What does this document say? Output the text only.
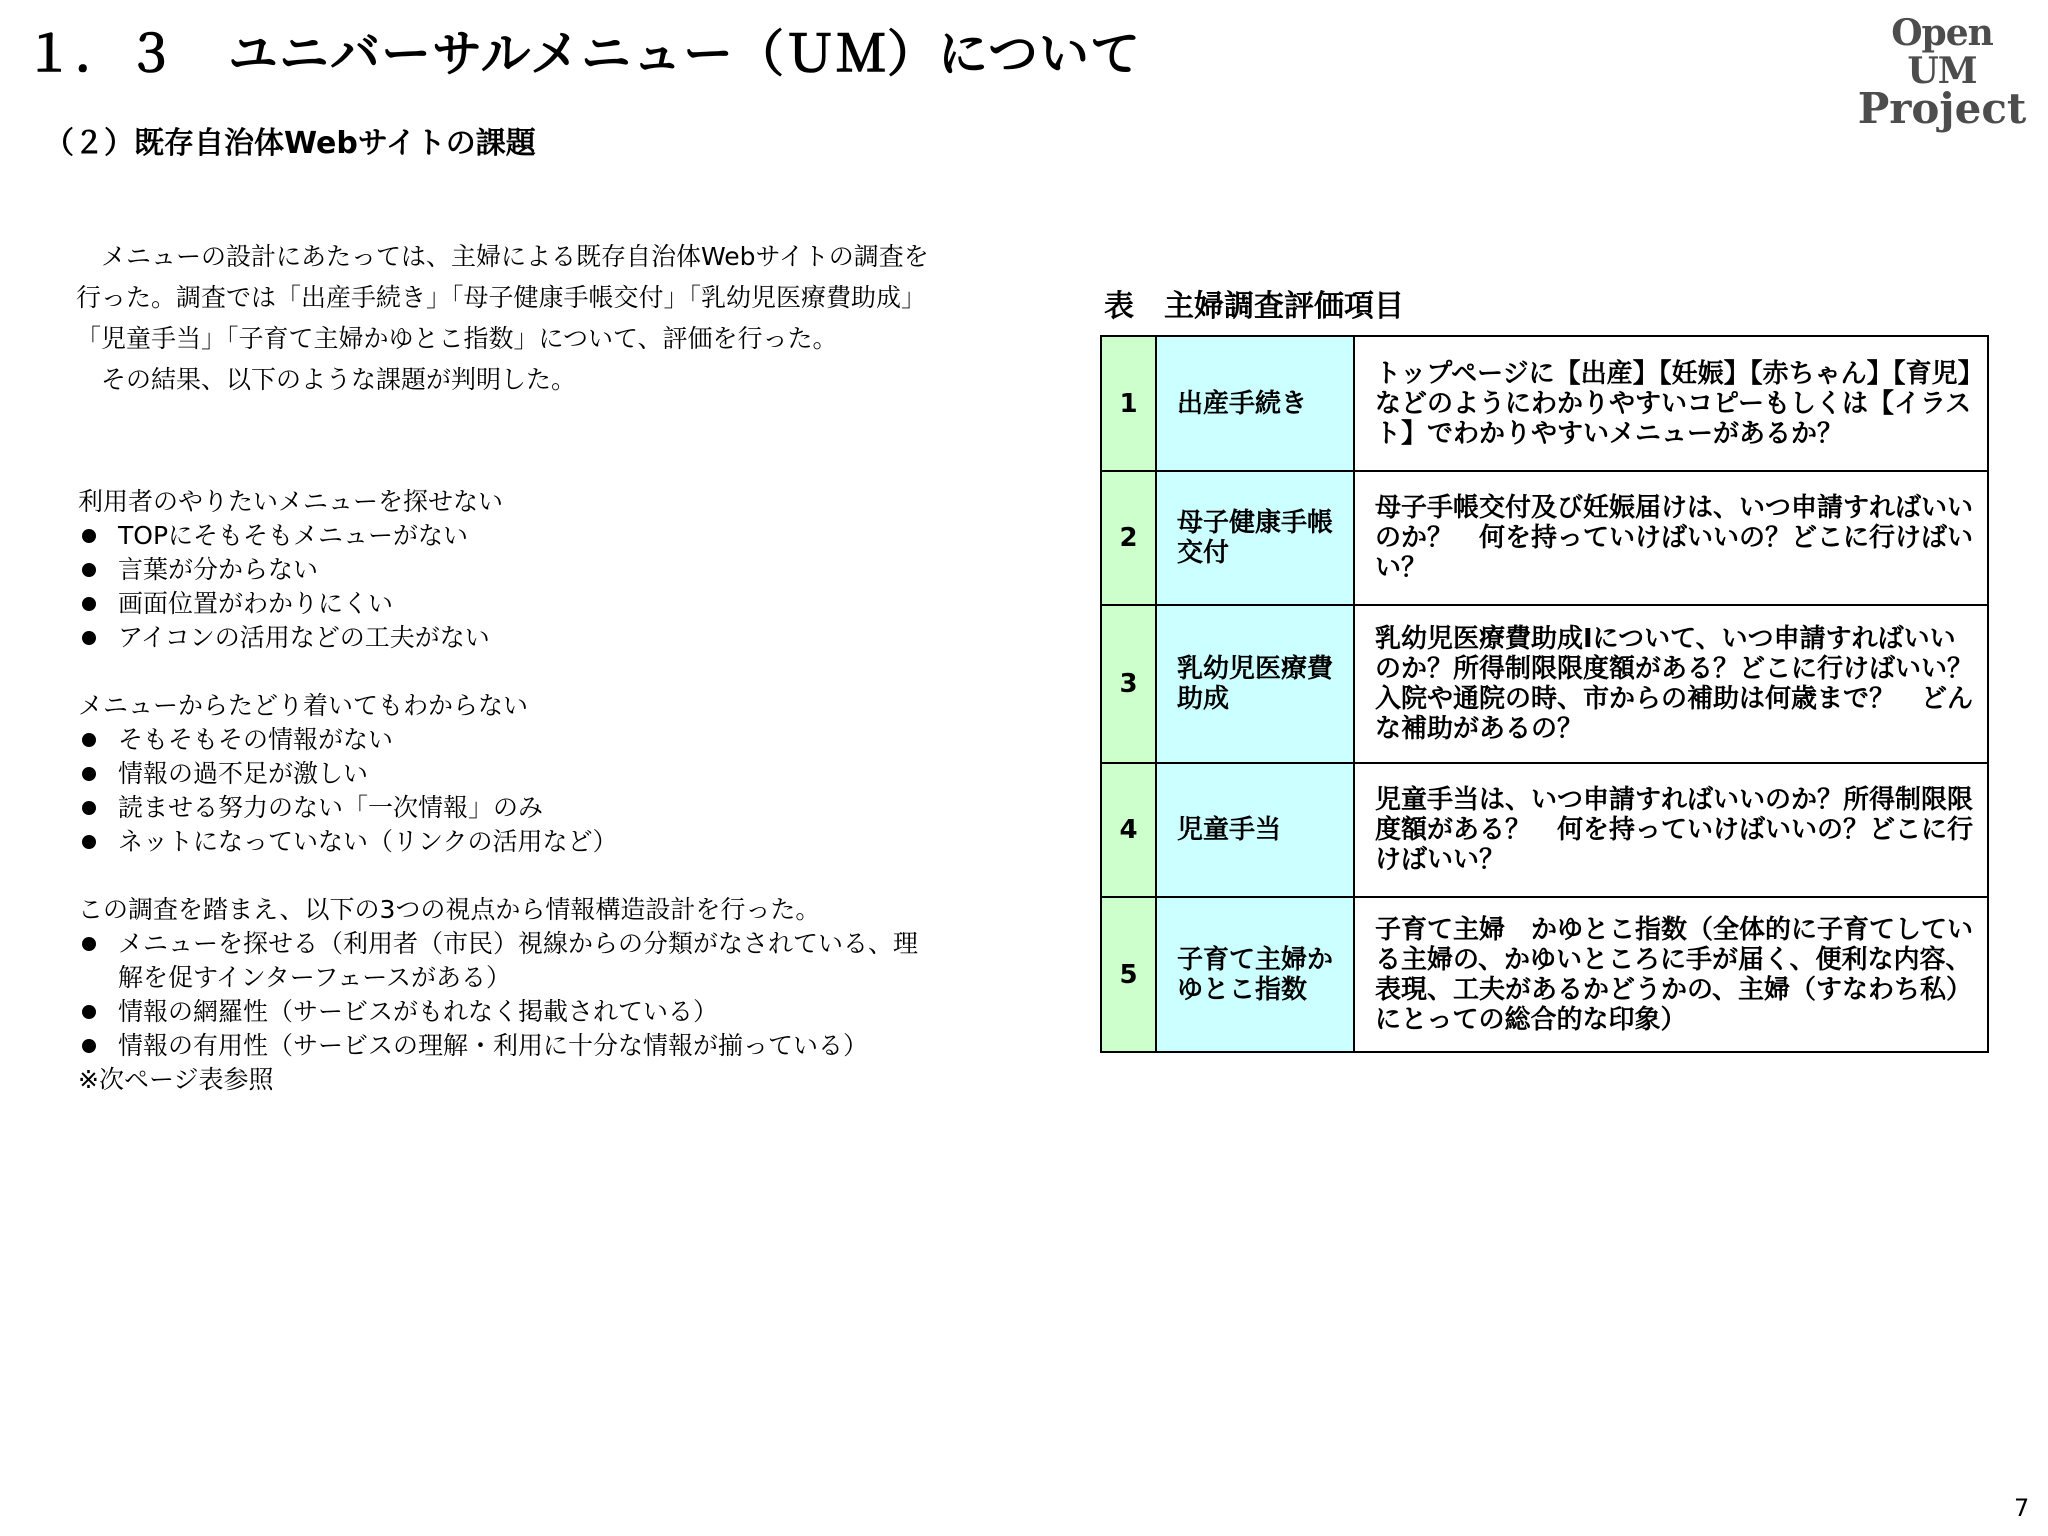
１．３　ユニバーサルメニュー（ＵＭ）について	Open UM
Project
（２）既存自治体Webサイトの課題

メニューの設計にあたっては、主婦による既存自治体Webサイトの調査を行った。調査では「出産手続き」「母子健康手帳交付」「乳幼児医療費助成」「児童手当」「子育て主婦かゆとこ指数」について、評価を行った。

その結果、以下のような課題が判明した。

利用者のやりたいメニューを探せない

TOPにそもそもメニューがない
言葉が分からない
画面位置がわかりにくい
アイコンの活用などの工夫がない

メニューからたどり着いてもわからない

そもそもその情報がない
情報の過不足が激しい
読ませる努力のない「一次情報」のみ
ネットになっていない（リンクの活用など）

この調査を踏まえ、以下の3つの視点から情報構造設計を行った。

メニューを探せる（利用者（市民）視線からの分類がなされている、理解を促すインターフェースがある）
情報の網羅性（サービスがもれなく掲載されている）
情報の有用性（サービスの理解・利用に十分な情報が揃っている）

※次ページ表参照

表　主婦調査評価項目

1	出産手続き	トップページに【出産】【妊娠】【赤ちゃん】【育児】などのようにわかりやすいコピーもしくは【イラスト】でわかりやすいメニューがあるか？
2	母子健康手帳交付	母子手帳交付及び妊娠届けは、いつ申請すればいいのか？　何を持っていけばいいの？どこに行けばいい？
3	乳幼児医療費助成	乳幼児医療費助成Iについて、いつ申請すればいいのか？所得制限限度額がある？どこに行けばいい？入院や通院の時、市からの補助は何歳まで？　どんな補助があるの？
4	児童手当	児童手当は、いつ申請すればいいのか？所得制限限度額がある？　何を持っていけばいいの？どこに行けばいい？
5	子育て主婦かゆとこ指数	子育て主婦　かゆとこ指数（全体的に子育てしている主婦の、かゆいところに手が届く、便利な内容、表現、工夫があるかどうかの、主婦（すなわち私）にとっての総合的な印象）
7
